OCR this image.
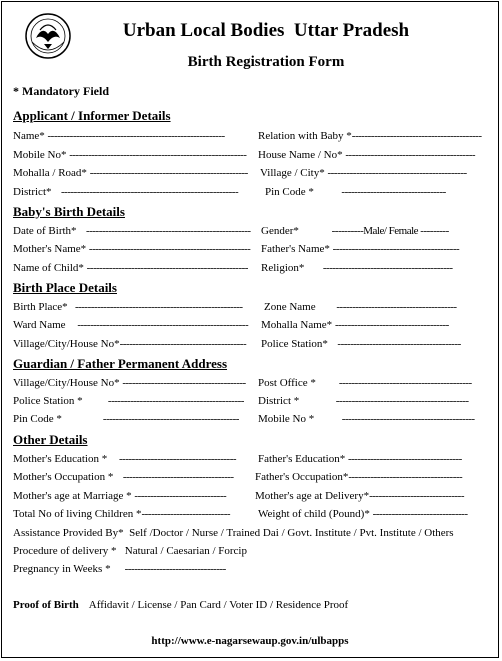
Urban Local Bodies  Uttar Pradesh
Birth Registration Form
* Mandatory Field
Applicant / Informer Details
Name* --------------------------------------------------------	Relation with Baby *-----------------------------------------
Mobile No* -------------------------------------------------------- House Name / No* -----------------------------------------
Mohalla / Road* -------------------------------------------------- Village / City* --------------------------------------------
District*    -------------------------------------------------------- Pin Code *            ---------------------------------
Baby's Birth Details
Date of Birth*    ---------------------------------------------------- Gender*	----------Male/ Female ---------
Mother's Name* --------------------------------------------------- Father's Name* ----------------------------------------
Name of Child* --------------------------------------------------- Religion*        -----------------------------------------
Birth Place Details
Birth Place*   ----------------------------------------------------- Zone Name         --------------------------------------
Ward Name     ------------------------------------------------------ Mohalla Name* ------------------------------------
Village/City/House No*---------------------------------------- Police Station*    ---------------------------------------
Guardian / Father Permanent Address
Village/City/House No* --------------------------------------- Post Office *          ------------------------------------------
Police Station *           ------------------------------------------- District *                ------------------------------------------
Pin Code *                  ------------------------------------------- Mobile No *            ------------------------------------------
Other Details
Mother's Education *     ------------------------------------- Father's Education* ------------------------------------
Mother's Occupation *    ----------------------------------- Father's Occupation*------------------------------------
Mother's age at Marriage * -----------------------------	Mother's age at Delivery*------------------------------
Total No of living Children *----------------------------	Weight of child (Pound)* ------------------------------
Assistance Provided By* Self /Doctor / Nurse / Trained Dai / Govt. Institute / Pvt. Institute / Others
Procedure of delivery * Natural / Caesarian / Forcip
Pregnancy in Weeks *      --------------------------------
Proof of Birth Affidavit / License / Pan Card / Voter ID / Residence Proof
http://www.e-nagarsewaup.gov.in/ulbapps
